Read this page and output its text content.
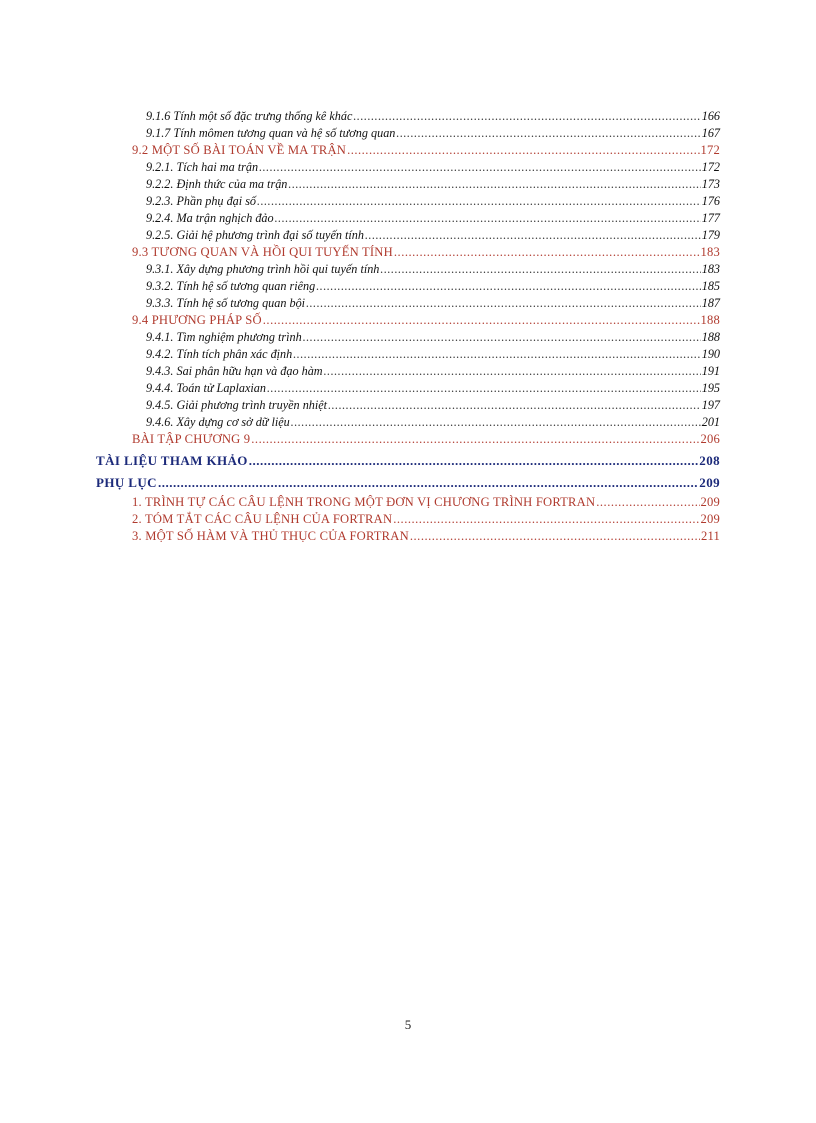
9.1.6 Tính một số đặc trưng thống kê khác .....	166
9.1.7 Tính mômen tương quan và hệ số tương quan .....	167
9.2 MỘT SỐ BÀI TOÁN VỀ MA TRẬN .....	172
9.2.1. Tích hai ma trận .....	172
9.2.2. Định thức của ma trận .....	173
9.2.3. Phần phụ đại số .....	176
9.2.4. Ma trận nghịch đảo .....	177
9.2.5. Giải hệ phương trình đại số tuyến tính .....	179
9.3 TƯƠNG QUAN VÀ HỒI QUI TUYẾN TÍNH .....	183
9.3.1. Xây dựng phương trình hồi qui tuyến tính .....	183
9.3.2. Tính hệ số tương quan riêng .....	185
9.3.3. Tính hệ số tương quan bội .....	187
9.4 PHƯƠNG PHÁP SỐ .....	188
9.4.1. Tìm nghiệm phương trình .....	188
9.4.2. Tính tích phân xác định .....	190
9.4.3. Sai phân hữu hạn và đạo hàm .....	191
9.4.4. Toán tử Laplaxian .....	195
9.4.5. Giải phương trình truyền nhiệt .....	197
9.4.6. Xây dựng cơ sở dữ liệu .....	201
BÀI TẬP CHƯƠNG 9 .....	206
TÀI LIỆU THAM KHẢO .....	208
PHỤ LỤC .....	209
1. TRÌNH TỰ CÁC CÂU LỆNH TRONG MỘT ĐƠN VỊ CHƯƠNG TRÌNH FORTRAN .....	209
2. TÓM TẮT CÁC CÂU LỆNH CỦA FORTRAN .....	209
3. MỘT SỐ HÀM VÀ THỦ THỤC CỦA FORTRAN .....	211
5
